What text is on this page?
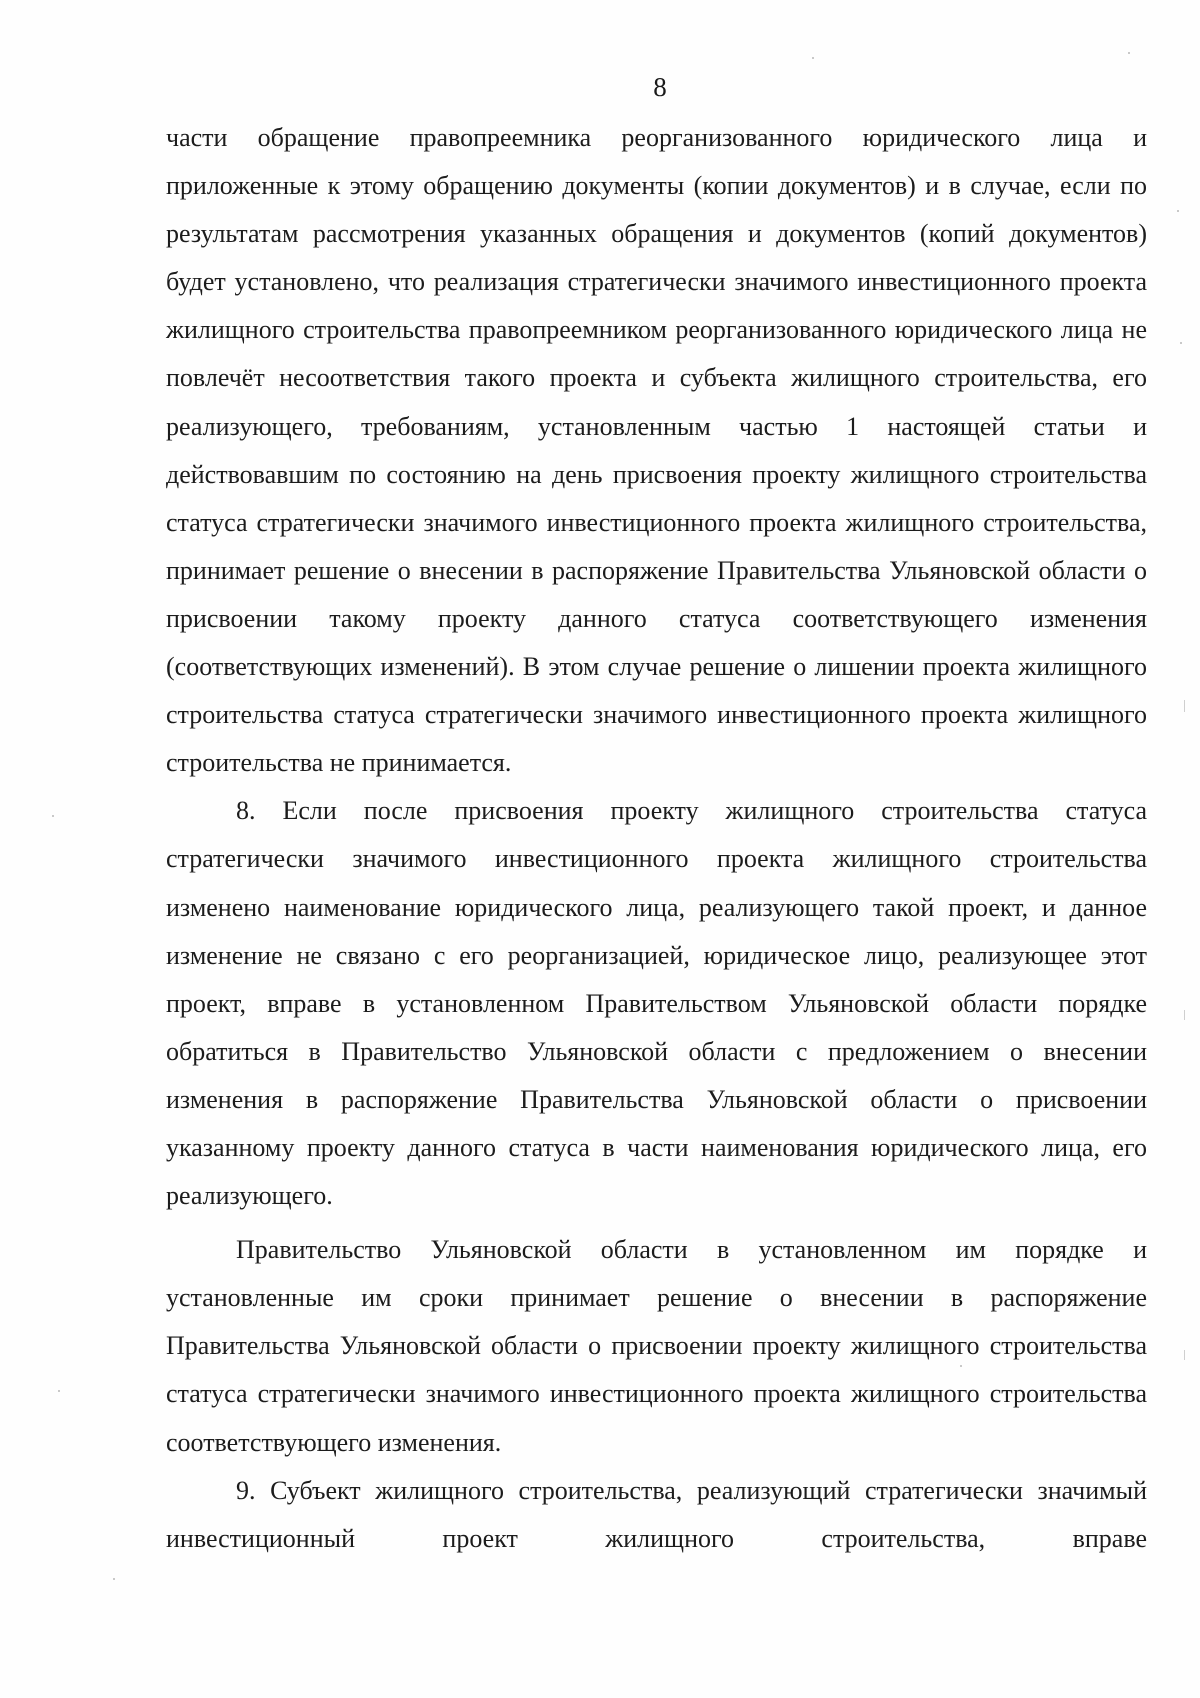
8

части обращение правопреемника реорганизованного юридического лица и приложенные к этому обращению документы (копии документов) и в случае, если по результатам рассмотрения указанных обращения и документов (копий документов) будет установлено, что реализация стратегически значимого инвестиционного проекта жилищного строительства правопреемником реорганизованного юридического лица не повлечёт несоответствия такого проекта и субъекта жилищного строительства, его реализующего, требованиям, установленным частью 1 настоящей статьи и действовавшим по состоянию на день присвоения проекту жилищного строительства статуса стратегически значимого инвестиционного проекта жилищного строительства, принимает решение о внесении в распоряжение Правительства Ульяновской области о присвоении такому проекту данного статуса соответствующего изменения (соответствующих изменений). В этом случае решение о лишении проекта жилищного строительства статуса стратегически значимого инвестиционного проекта жилищного строительства не принимается.

8. Если после присвоения проекту жилищного строительства статуса стратегически значимого инвестиционного проекта жилищного строительства изменено наименование юридического лица, реализующего такой проект, и данное изменение не связано с его реорганизацией, юридическое лицо, реализующее этот проект, вправе в установленном Правительством Ульяновской области порядке обратиться в Правительство Ульяновской области с предложением о внесении изменения в распоряжение Правительства Ульяновской области о присвоении указанному проекту данного статуса в части наименования юридического лица, его реализующего.

Правительство Ульяновской области в установленном им порядке и установленные им сроки принимает решение о внесении в распоряжение Правительства Ульяновской области о присвоении проекту жилищного строительства статуса стратегически значимого инвестиционного проекта жилищного строительства соответствующего изменения.

9. Субъект жилищного строительства, реализующий стратегически значимый инвестиционный проект жилищного строительства, вправе
